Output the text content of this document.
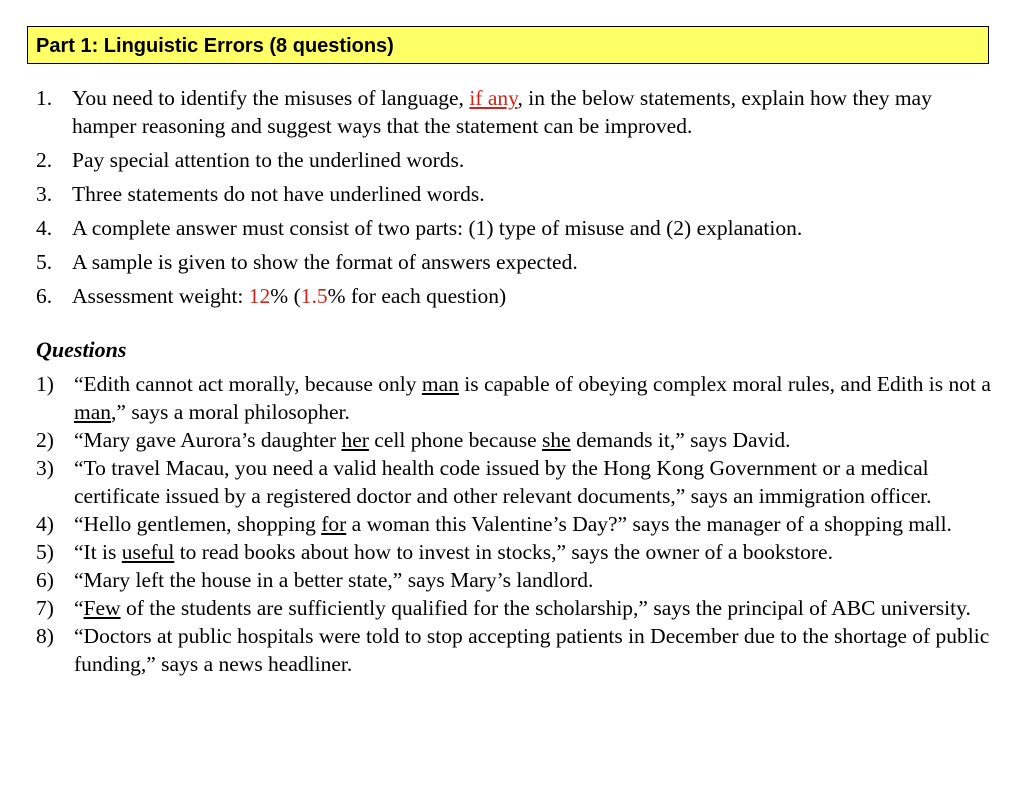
Part 1: Linguistic Errors (8 questions)
1. You need to identify the misuses of language, if any, in the below statements, explain how they may hamper reasoning and suggest ways that the statement can be improved.
2. Pay special attention to the underlined words.
3. Three statements do not have underlined words.
4. A complete answer must consist of two parts: (1) type of misuse and (2) explanation.
5. A sample is given to show the format of answers expected.
6. Assessment weight: 12% (1.5% for each question)
Questions
1) “Edith cannot act morally, because only man is capable of obeying complex moral rules, and Edith is not a man,” says a moral philosopher.
2) “Mary gave Aurora’s daughter her cell phone because she demands it,” says David.
3) “To travel Macau, you need a valid health code issued by the Hong Kong Government or a medical certificate issued by a registered doctor and other relevant documents,” says an immigration officer.
4) “Hello gentlemen, shopping for a woman this Valentine’s Day?” says the manager of a shopping mall.
5) “It is useful to read books about how to invest in stocks,” says the owner of a bookstore.
6) “Mary left the house in a better state,” says Mary’s landlord.
7) “Few of the students are sufficiently qualified for the scholarship,” says the principal of ABC university.
8) “Doctors at public hospitals were told to stop accepting patients in December due to the shortage of public funding,” says a news headliner.
